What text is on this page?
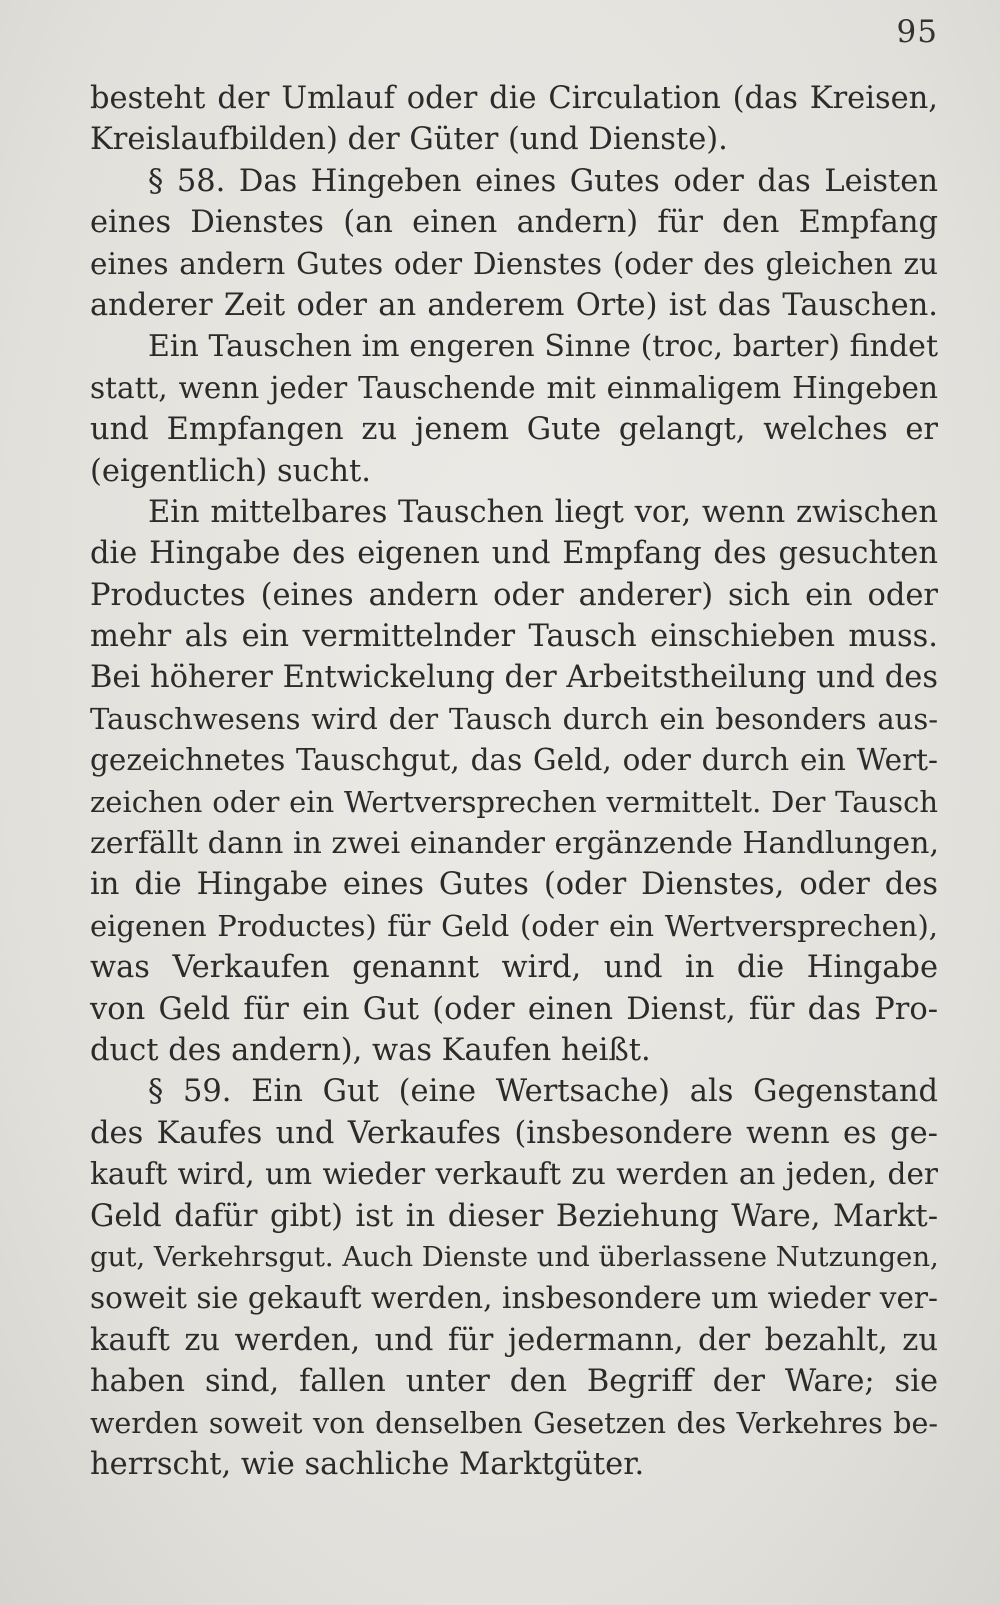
95
besteht der Umlauf oder die Circulation (das Kreisen,
Kreislaufbilden) der Güter (und Dienste).
§ 58. Das Hingeben eines Gutes oder das Leisten
eines Dienstes (an einen andern) für den Empfang
eines andern Gutes oder Dienstes (oder des gleichen zu
anderer Zeit oder an anderem Orte) ist das Tauschen.
Ein Tauschen im engeren Sinne (troc, barter) findet
statt, wenn jeder Tauschende mit einmaligem Hingeben
und Empfangen zu jenem Gute gelangt, welches er
(eigentlich) sucht.
Ein mittelbares Tauschen liegt vor, wenn zwischen
die Hingabe des eigenen und Empfang des gesuchten
Productes (eines andern oder anderer) sich ein oder
mehr als ein vermittelnder Tausch einschieben muss.
Bei höherer Entwickelung der Arbeitstheilung und des
Tauschwesens wird der Tausch durch ein besonders aus-
gezeichnetes Tauschgut, das Geld, oder durch ein Wert-
zeichen oder ein Wertversprechen vermittelt. Der Tausch
zerfällt dann in zwei einander ergänzende Handlungen,
in die Hingabe eines Gutes (oder Dienstes, oder des
eigenen Productes) für Geld (oder ein Wertversprechen),
was Verkaufen genannt wird, und in die Hingabe
von Geld für ein Gut (oder einen Dienst, für das Pro-
duct des andern), was Kaufen heißt.
§ 59. Ein Gut (eine Wertsache) als Gegenstand
des Kaufes und Verkaufes (insbesondere wenn es ge-
kauft wird, um wieder verkauft zu werden an jeden, der
Geld dafür gibt) ist in dieser Beziehung Ware, Markt-
gut, Verkehrsgut. Auch Dienste und überlassene Nutzungen,
soweit sie gekauft werden, insbesondere um wieder ver-
kauft zu werden, und für jedermann, der bezahlt, zu
haben sind, fallen unter den Begriff der Ware; sie
werden soweit von denselben Gesetzen des Verkehres be-
herrscht, wie sachliche Marktgüter.
